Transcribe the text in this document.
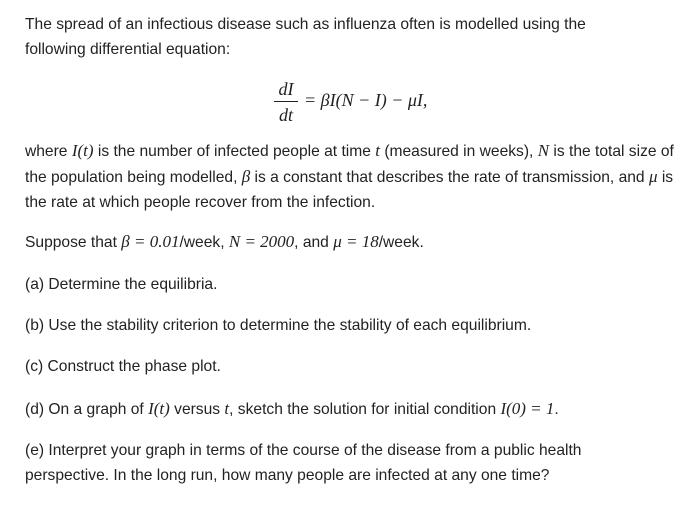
The spread of an infectious disease such as influenza often is modelled using the
following differential equation:

dI
dt
= βI(N − I) − μI,

where I(t) is the number of infected people at time t (measured in weeks), N is the total size of the population being modelled, β is a constant that describes the rate of transmission, and μ is the rate at which people recover from the infection.

Suppose that β = 0.01/week, N = 2000, and μ = 18/week.

(a) Determine the equilibria.

(b) Use the stability criterion to determine the stability of each equilibrium.

(c) Construct the phase plot.

(d) On a graph of I(t) versus t, sketch the solution for initial condition I(0) = 1.

(e) Interpret your graph in terms of the course of the disease from a public health perspective. In the long run, how many people are infected at any one time?
